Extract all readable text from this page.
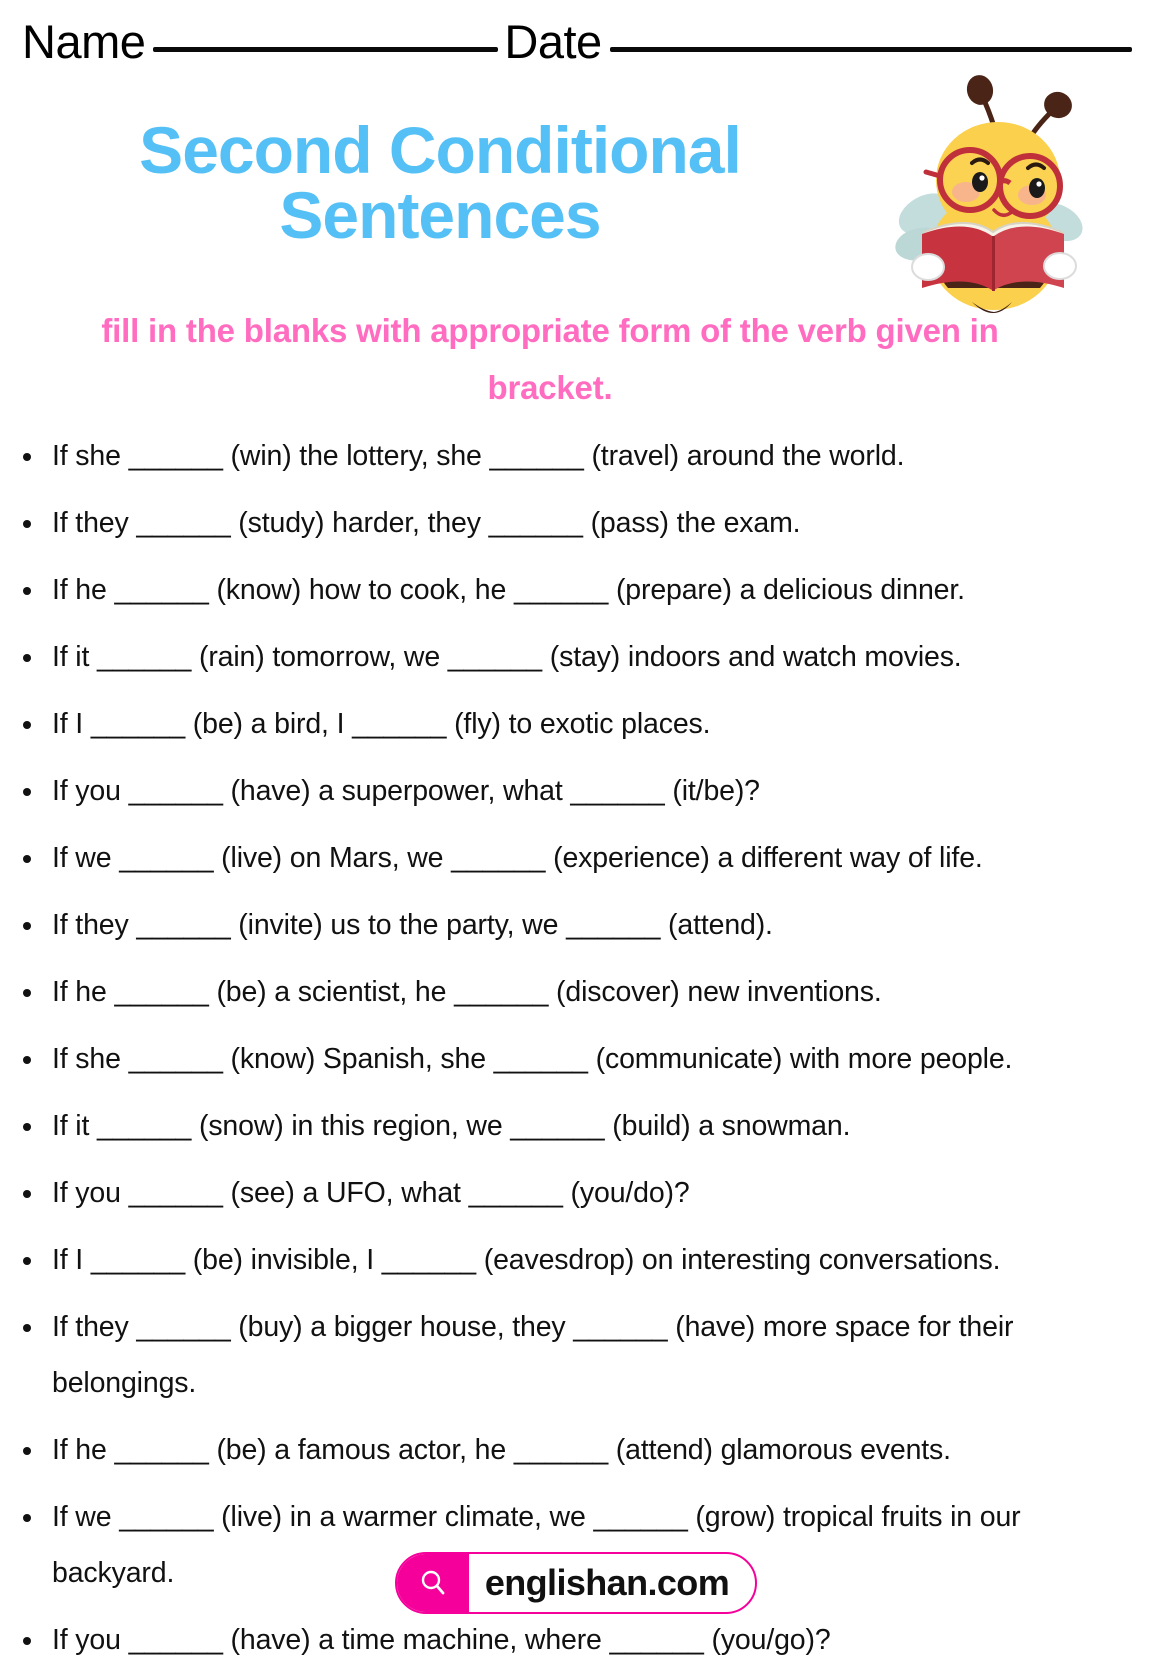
Name	Date
Second Conditional
Sentences
fill in the blanks with appropriate form of the verb given in bracket.
If she ______ (win) the lottery, she ______ (travel) around the world.
If they ______ (study) harder, they ______ (pass) the exam.
If he ______ (know) how to cook, he ______ (prepare) a delicious dinner.
If it ______ (rain) tomorrow, we ______ (stay) indoors and watch movies.
If I ______ (be) a bird, I ______ (fly) to exotic places.
If you ______ (have) a superpower, what ______ (it/be)?
If we ______ (live) on Mars, we ______ (experience) a different way of life.
If they ______ (invite) us to the party, we ______ (attend).
If he ______ (be) a scientist, he ______ (discover) new inventions.
If she ______ (know) Spanish, she ______ (communicate) with more people.
If it ______ (snow) in this region, we ______ (build) a snowman.
If you ______ (see) a UFO, what ______ (you/do)?
If I ______ (be) invisible, I ______ (eavesdrop) on interesting conversations.
If they ______ (buy) a bigger house, they ______ (have) more space for their belongings.
If he ______ (be) a famous actor, he ______ (attend) glamorous events.
If we ______ (live) in a warmer climate, we ______ (grow) tropical fruits in our backyard.
If you ______ (have) a time machine, where ______ (you/go)?
englishan.com
